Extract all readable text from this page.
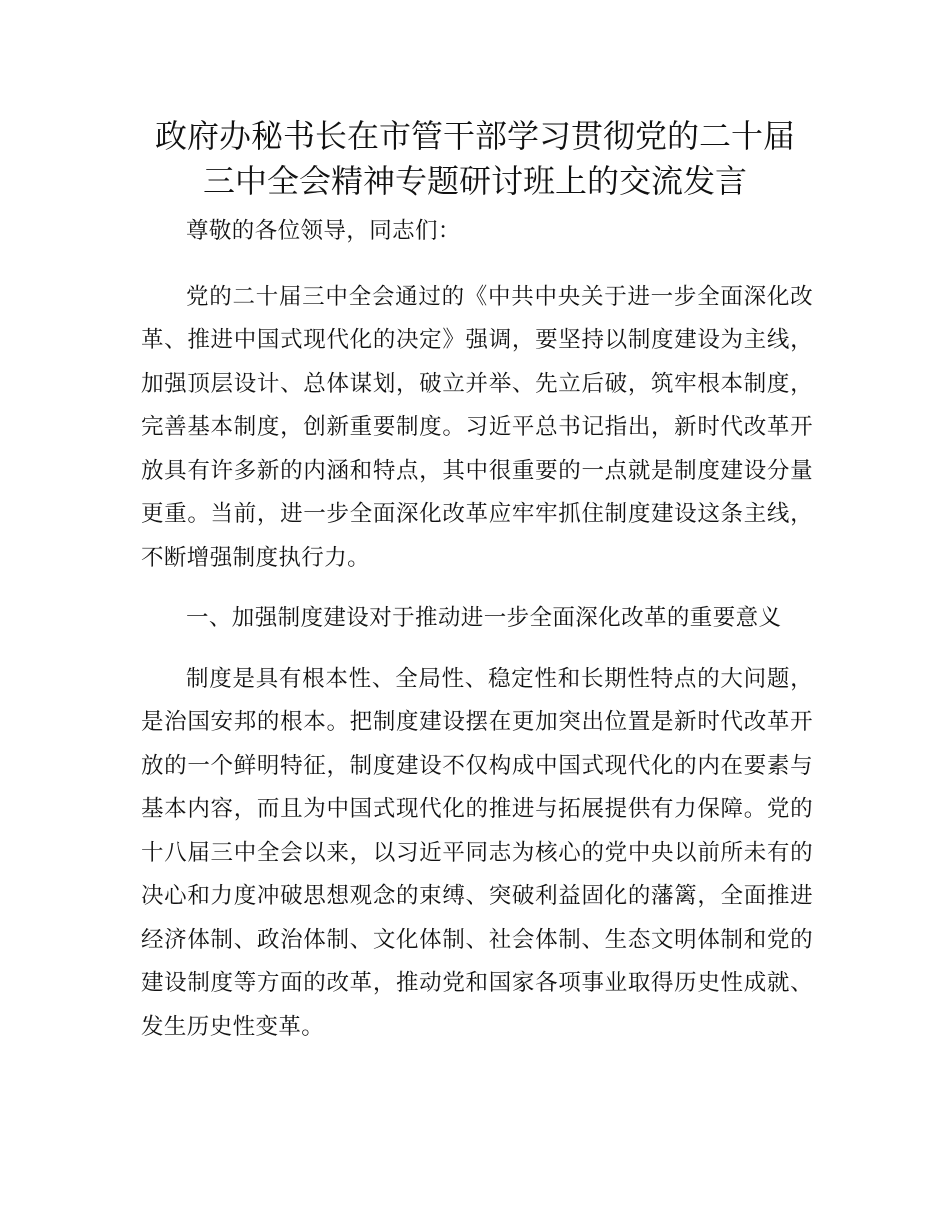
政府办秘书长在市管干部学习贯彻党的二十届
三中全会精神专题研讨班上的交流发言

尊敬的各位领导，同志们：

党的二十届三中全会通过的《中共中央关于进一步全面深化改革、推进中国式现代化的决定》强调，要坚持以制度建设为主线，加强顶层设计、总体谋划，破立并举、先立后破，筑牢根本制度，完善基本制度，创新重要制度。习近平总书记指出，新时代改革开放具有许多新的内涵和特点，其中很重要的一点就是制度建设分量更重。当前，进一步全面深化改革应牢牢抓住制度建设这条主线，不断增强制度执行力。

一、加强制度建设对于推动进一步全面深化改革的重要意义

制度是具有根本性、全局性、稳定性和长期性特点的大问题，是治国安邦的根本。把制度建设摆在更加突出位置是新时代改革开放的一个鲜明特征，制度建设不仅构成中国式现代化的内在要素与基本内容，而且为中国式现代化的推进与拓展提供有力保障。党的十八届三中全会以来，以习近平同志为核心的党中央以前所未有的决心和力度冲破思想观念的束缚、突破利益固化的藩篱，全面推进经济体制、政治体制、文化体制、社会体制、生态文明体制和党的建设制度等方面的改革，推动党和国家各项事业取得历史性成就、发生历史性变革。
